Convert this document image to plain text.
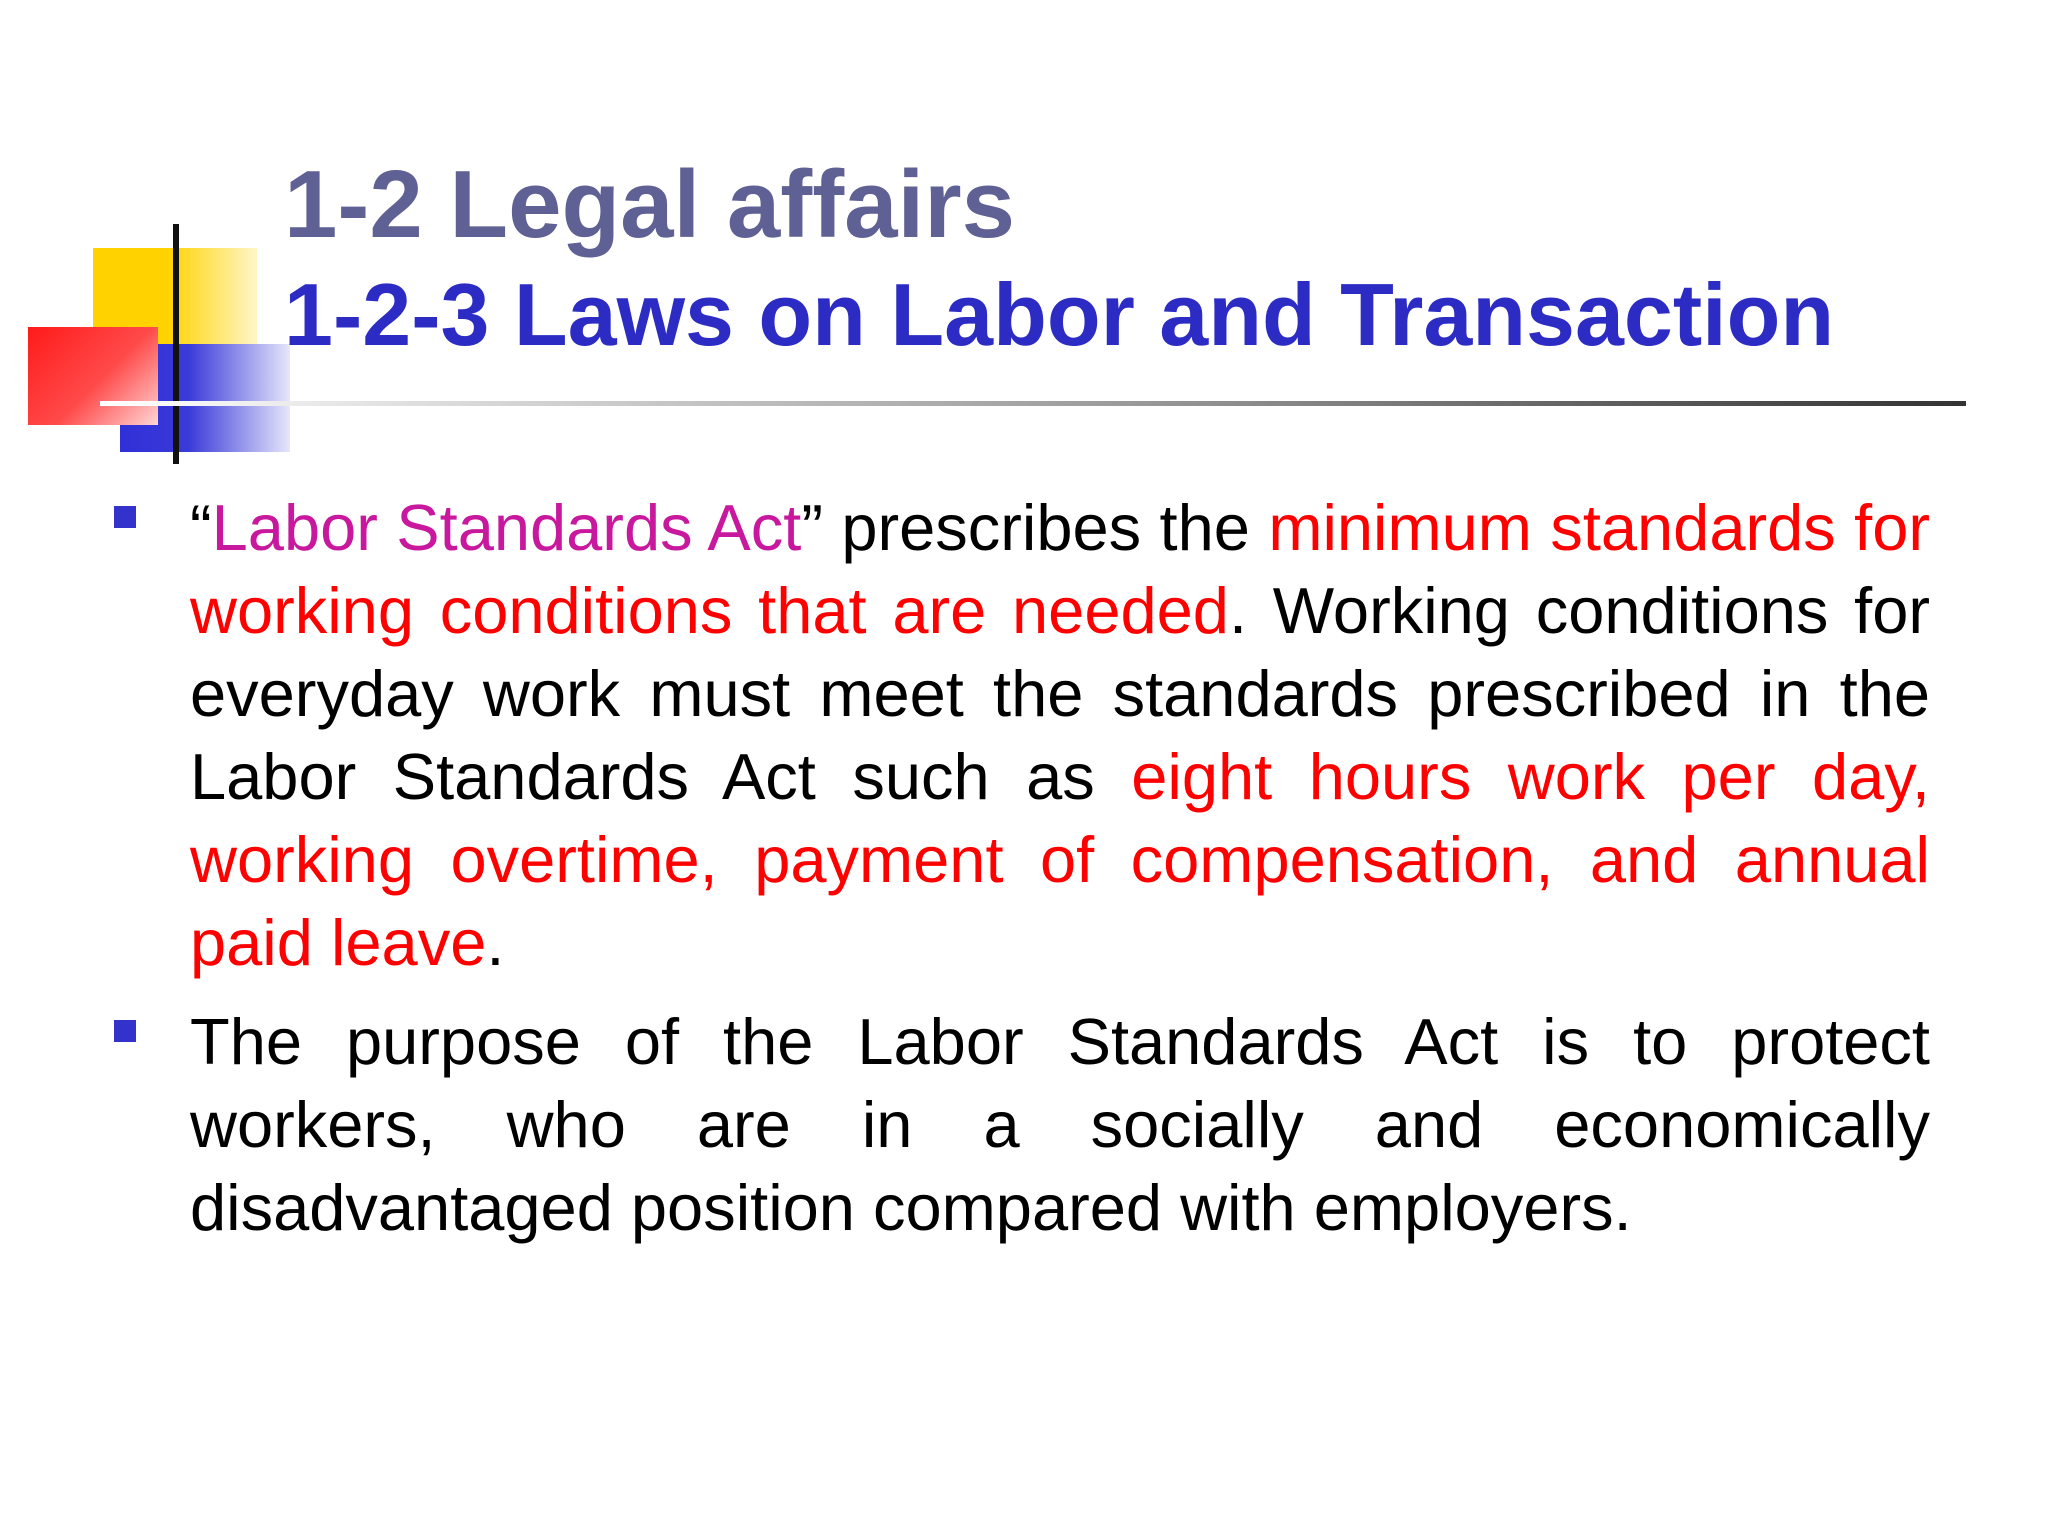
1-2 Legal affairs
1-2-3 Laws on Labor and Transaction
“Labor Standards Act” prescribes the minimum standards for working conditions that are needed. Working conditions for everyday work must meet the standards prescribed in the Labor Standards Act such as eight hours work per day, working overtime, payment of compensation, and annual paid leave.
The purpose of the Labor Standards Act is to protect workers, who are in a socially and economically disadvantaged position compared with employers.
